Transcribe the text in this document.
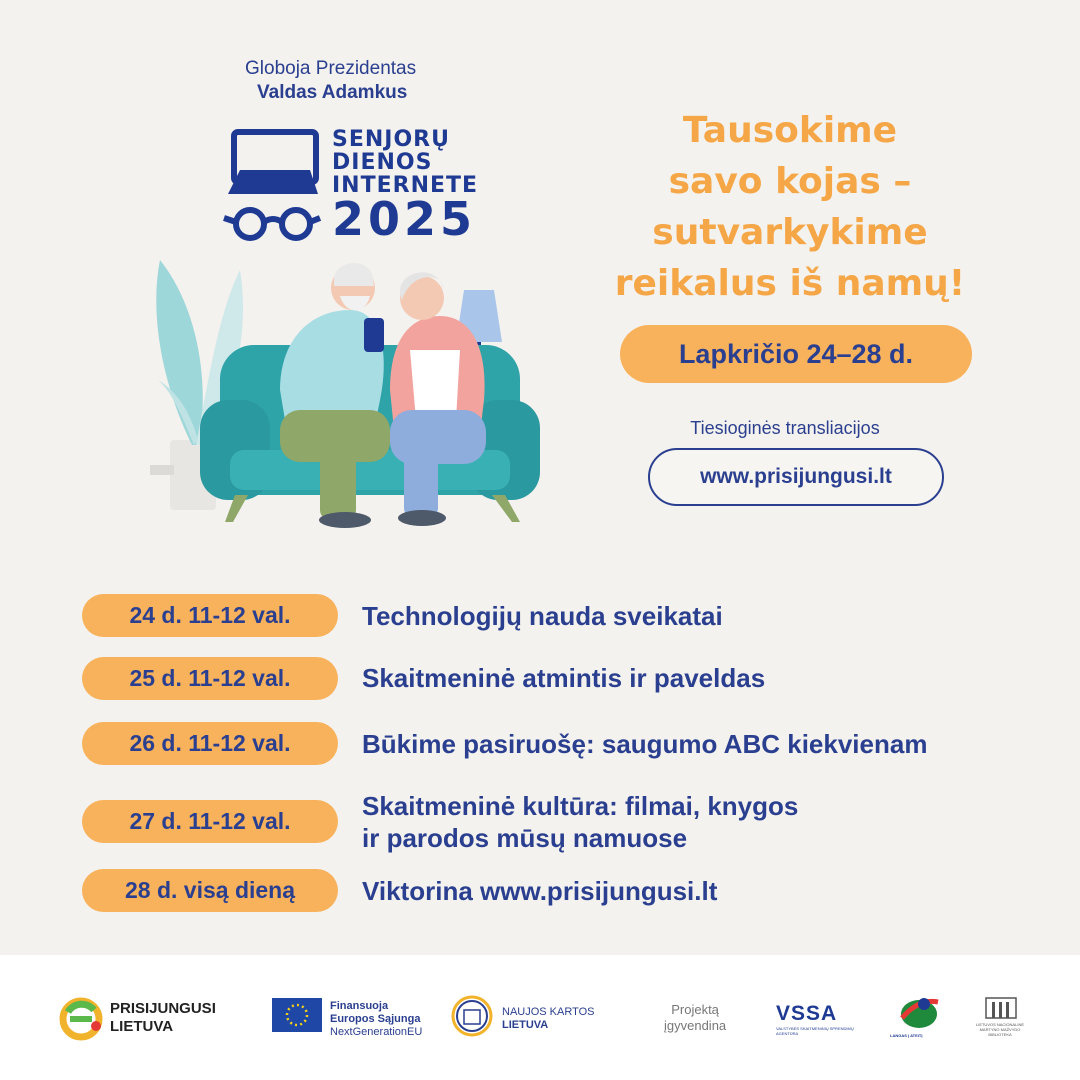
Globoja Prezidentas
Valdas Adamkus
SENJORŲ
DIENOS
INTERNETE
2025
Tausokime
savo kojas –
sutvarkykime
reikalus iš namų!
Lapkričio 24–28 d.
Tiesioginės transliacijos
www.prisijungusi.lt
24 d. 11-12 val.	Technologijų nauda sveikatai
25 d. 11-12 val.	Skaitmeninė atmintis ir paveldas
26 d. 11-12 val.	Būkime pasiruošę: saugumo ABC kiekvienam
27 d. 11-12 val.	Skaitmeninė kultūra: filmai, knygos
ir parodos mūsų namuose
28 d. visą dieną	Viktorina www.prisijungusi.lt
PRISIJUNGUSI
LIETUVA
Finansuoja
Europos Sąjunga
NextGenerationEU
NAUJOS KARTOS
LIETUVA
Projektą
įgyvendina
VSSA
VALSTYBĖS SKAITMENINIŲ SPRENDIMŲ AGENTŪRA	LANGAS Į ATEITĮ
LIETUVOS NACIONALINĖ MARTYNO MAŽVYDO BIBLIOTEKA
